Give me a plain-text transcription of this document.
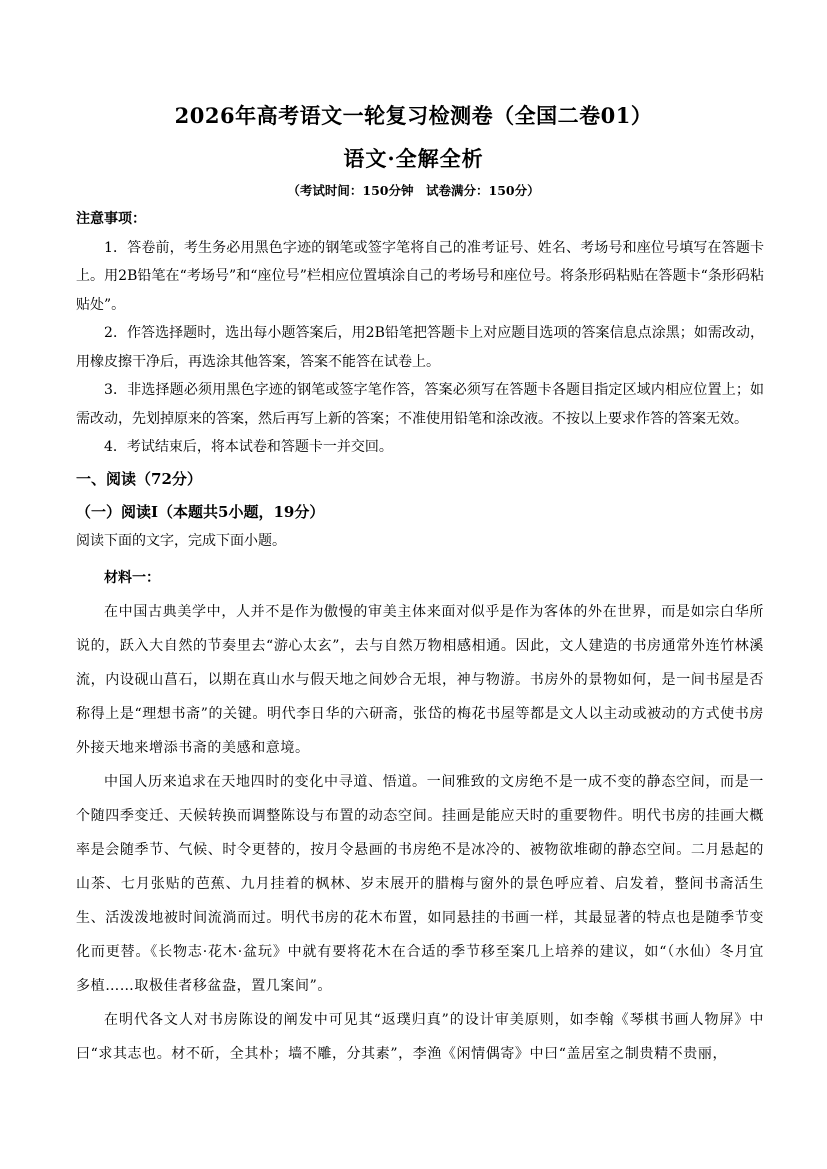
2026年高考语文一轮复习检测卷（全国二卷01）
语文·全解全析
（考试时间：150分钟　试卷满分：150分）

注意事项：

1．答卷前，考生务必用黑色字迹的钢笔或签字笔将自己的准考证号、姓名、考场号和座位号填写在答题卡上。用2B铅笔在“考场号”和“座位号”栏相应位置填涂自己的考场号和座位号。将条形码粘贴在答题卡“条形码粘贴处”。

2．作答选择题时，选出每小题答案后，用2B铅笔把答题卡上对应题目选项的答案信息点涂黑；如需改动，用橡皮擦干净后，再选涂其他答案，答案不能答在试卷上。

3．非选择题必须用黑色字迹的钢笔或签字笔作答，答案必须写在答题卡各题目指定区域内相应位置上；如需改动，先划掉原来的答案，然后再写上新的答案；不准使用铅笔和涂改液。不按以上要求作答的答案无效。

4．考试结束后，将本试卷和答题卡一并交回。

一、阅读（72分）

（一）阅读Ⅰ（本题共5小题，19分）

阅读下面的文字，完成下面小题。

材料一：

在中国古典美学中，人并不是作为傲慢的审美主体来面对似乎是作为客体的外在世界，而是如宗白华所说的，跃入大自然的节奏里去“游心太玄”，去与自然万物相感相通。因此，文人建造的书房通常外连竹林溪流，内设砚山菖石，以期在真山水与假天地之间妙合无垠，神与物游。书房外的景物如何，是一间书屋是否称得上是“理想书斋”的关键。明代李日华的六研斋，张岱的梅花书屋等都是文人以主动或被动的方式使书房外接天地来增添书斋的美感和意境。

中国人历来追求在天地四时的变化中寻道、悟道。一间雅致的文房绝不是一成不变的静态空间，而是一个随四季变迁、天候转换而调整陈设与布置的动态空间。挂画是能应天时的重要物件。明代书房的挂画大概率是会随季节、气候、时令更替的，按月令悬画的书房绝不是冰冷的、被物欲堆砌的静态空间。二月悬起的山茶、七月张贴的芭蕉、九月挂着的枫林、岁末展开的腊梅与窗外的景色呼应着、启发着，整间书斋活生生、活泼泼地被时间流淌而过。明代书房的花木布置，如同悬挂的书画一样，其最显著的特点也是随季节变化而更替。《长物志·花木·盆玩》中就有要将花木在合适的季节移至案几上培养的建议，如“（水仙）冬月宜多植……取极佳者移盆盎，置几案间”。

在明代各文人对书房陈设的阐发中可见其“返璞归真”的设计审美原则，如李翰《琴棋书画人物屏》中曰“求其志也。材不斫，全其朴；墙不雕，分其素”，李渔《闲情偶寄》中曰“盖居室之制贵精不贵丽，
